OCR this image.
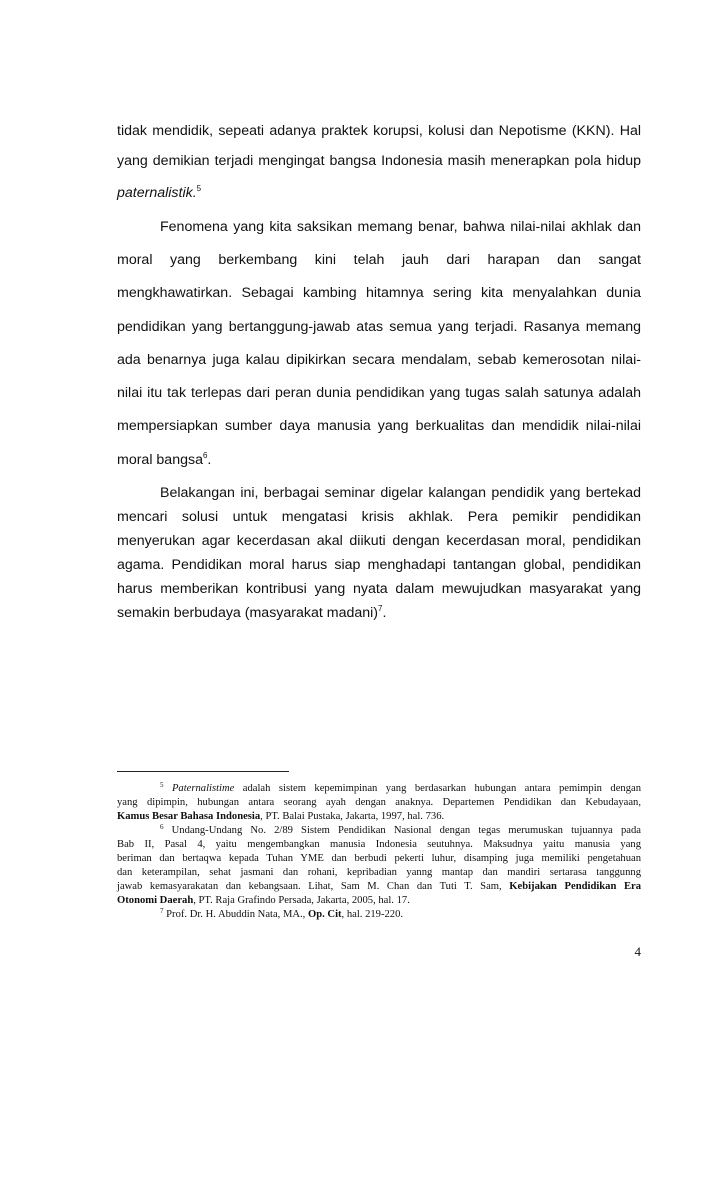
tidak mendidik, sepeati adanya praktek korupsi, kolusi dan Nepotisme (KKN). Hal
yang demikian terjadi mengingat bangsa Indonesia masih menerapkan pola hidup
paternalistik.$^5$
Fenomena yang kita saksikan memang benar, bahwa nilai-nilai akhlak dan
moral yang berkembang kini telah jauh dari harapan dan sangat
mengkhawatirkan. Sebagai kambing hitamnya sering kita menyalahkan dunia
pendidikan yang bertanggung-jawab atas semua yang terjadi. Rasanya memang
ada benarnya juga kalau dipikirkan secara mendalam, sebab kemerosotan nilai-
nilai itu tak terlepas dari peran dunia pendidikan yang tugas salah satunya adalah
mempersiapkan sumber daya manusia yang berkualitas dan mendidik nilai-nilai
moral bangsa$^6$.
Belakangan ini, berbagai seminar digelar kalangan pendidik yang bertekad
mencari solusi untuk mengatasi krisis akhlak. Pera pemikir pendidikan
menyerukan agar kecerdasan akal diikuti dengan kecerdasan moral, pendidikan
agama. Pendidikan moral harus siap menghadapi tantangan global, pendidikan
harus memberikan kontribusi yang nyata dalam mewujudkan masyarakat yang
semakin berbudaya (masyarakat madani)$^7$.
$^5$ Paternalistime adalah sistem kepemimpinan yang berdasarkan hubungan antara pemimpin dengan
yang dipimpin, hubungan antara seorang ayah dengan anaknya. Departemen Pendidikan dan Kebudayaan,
Kamus Besar Bahasa Indonesia, PT. Balai Pustaka, Jakarta, 1997, hal. 736.
$^6$ Undang-Undang No. 2/89 Sistem Pendidikan Nasional dengan tegas merumuskan tujuannya pada
Bab II, Pasal 4, yaitu mengembangkan manusia Indonesia seutuhnya. Maksudnya yaitu manusia yang
beriman dan bertaqwa kepada Tuhan YME dan berbudi pekerti luhur, disamping juga memiliki pengetahuan
dan keterampilan, sehat jasmani dan rohani, kepribadian yanng mantap dan mandiri sertarasa tanggunng
jawab kemasyarakatan dan kebangsaan. Lihat, Sam M. Chan dan Tuti T. Sam, Kebijakan Pendidikan Era
Otonomi Daerah, PT. Raja Grafindo Persada, Jakarta, 2005, hal. 17.
$^7$ Prof. Dr. H. Abuddin Nata, MA., Op. Cit, hal. 219-220.
4
